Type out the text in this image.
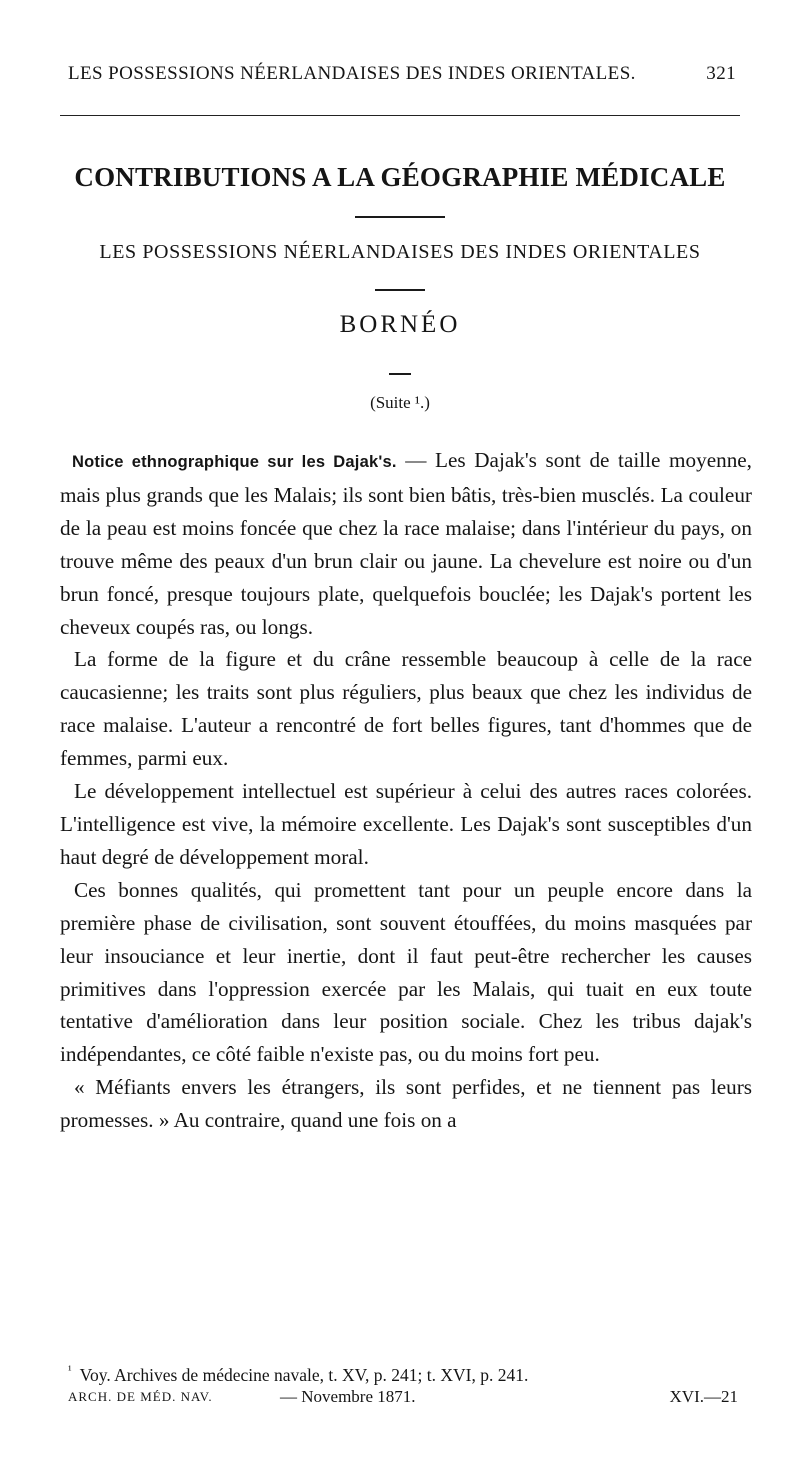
LES POSSESSIONS NÉERLANDAISES DES INDES ORIENTALES.	321
CONTRIBUTIONS A LA GÉOGRAPHIE MÉDICALE
LES POSSESSIONS NÉERLANDAISES DES INDES ORIENTALES
BORNÉO
(Suite ¹.)

Notice ethnographique sur les Dajak's. — Les Dajak's sont de taille moyenne, mais plus grands que les Malais; ils sont bien bâtis, très-bien musclés. La couleur de la peau est moins foncée que chez la race malaise; dans l'intérieur du pays, on trouve même des peaux d'un brun clair ou jaune. La chevelure est noire ou d'un brun foncé, presque toujours plate, quelquefois bouclée; les Dajak's portent les cheveux coupés ras, ou longs.

La forme de la figure et du crâne ressemble beaucoup à celle de la race caucasienne; les traits sont plus réguliers, plus beaux que chez les individus de race malaise. L'auteur a rencontré de fort belles figures, tant d'hommes que de femmes, parmi eux.

Le développement intellectuel est supérieur à celui des autres races colorées. L'intelligence est vive, la mémoire excellente. Les Dajak's sont susceptibles d'un haut degré de développement moral.

Ces bonnes qualités, qui promettent tant pour un peuple encore dans la première phase de civilisation, sont souvent étouffées, du moins masquées par leur insouciance et leur inertie, dont il faut peut-être rechercher les causes primitives dans l'oppression exercée par les Malais, qui tuait en eux toute tentative d'amélioration dans leur position sociale. Chez les tribus dajak's indépendantes, ce côté faible n'existe pas, ou du moins fort peu.

« Méfiants envers les étrangers, ils sont perfides, et ne tiennent pas leurs promesses. » Au contraire, quand une fois on a

$^{^1}$ Voy. Archives de médecine navale, t. XV, p. 241; t. XVI, p. 241.
ARCH. DE MÉD. NAV.	— Novembre 1871.	XVI.—21
